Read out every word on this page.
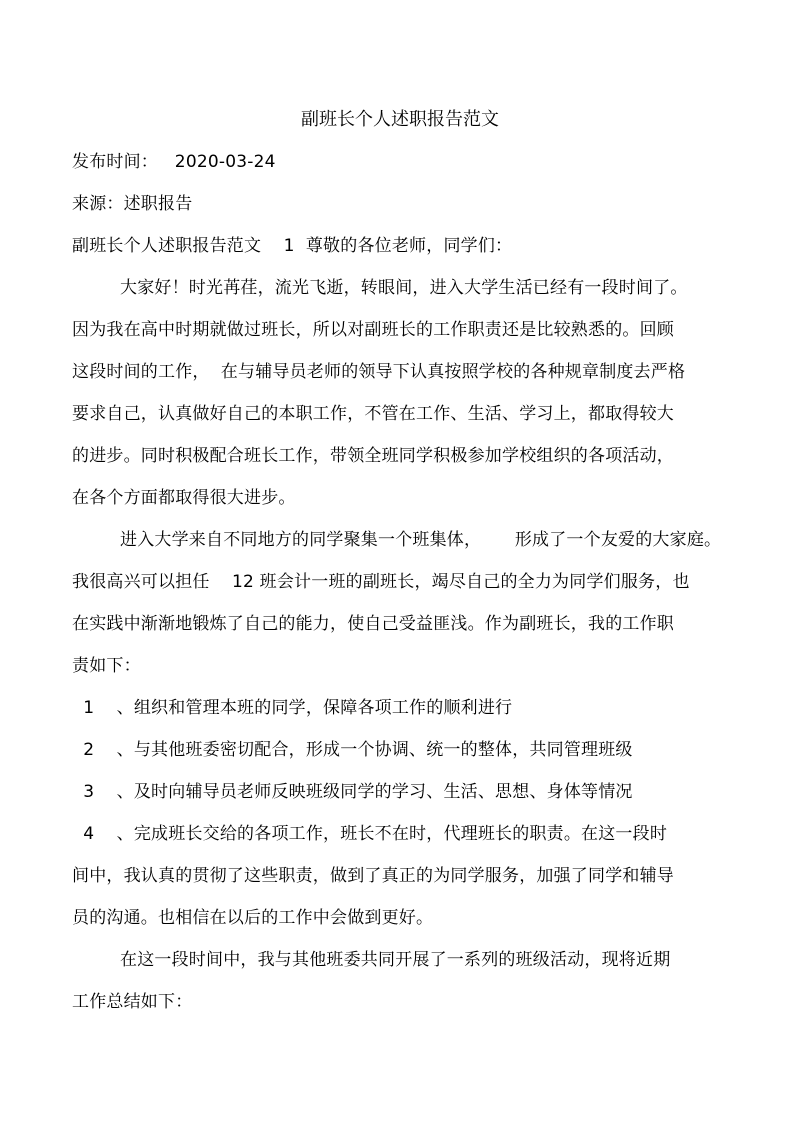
副班长个人述职报告范文
发布时间：   2020-03-24
来源：述职报告
副班长个人述职报告范文    1  尊敬的各位老师，同学们：
大家好！时光苒荏，流光飞逝，转眼间，进入大学生活已经有一段时间了。
因为我在高中时期就做过班长，所以对副班长的工作职责还是比较熟悉的。回顾
这段时间的工作，  在与辅导员老师的领导下认真按照学校的各种规章制度去严格
要求自己，认真做好自己的本职工作，不管在工作、生活、学习上，都取得较大
的进步。同时积极配合班长工作，带领全班同学积极参加学校组织的各项活动，
在各个方面都取得很大进步。
进入大学来自不同地方的同学聚集一个班集体，      形成了一个友爱的大家庭。
我很高兴可以担任    12 班会计一班的副班长，竭尽自己的全力为同学们服务，也
在实践中渐渐地锻炼了自己的能力，使自己受益匪浅。作为副班长，我的工作职
责如下：
1    、组织和管理本班的同学，保障各项工作的顺利进行
2    、与其他班委密切配合，形成一个协调、统一的整体，共同管理班级
3    、及时向辅导员老师反映班级同学的学习、生活、思想、身体等情况
4    、完成班长交给的各项工作，班长不在时，代理班长的职责。在这一段时
间中，我认真的贯彻了这些职责，做到了真正的为同学服务，加强了同学和辅导
员的沟通。也相信在以后的工作中会做到更好。
在这一段时间中，我与其他班委共同开展了一系列的班级活动，现将近期
工作总结如下：
